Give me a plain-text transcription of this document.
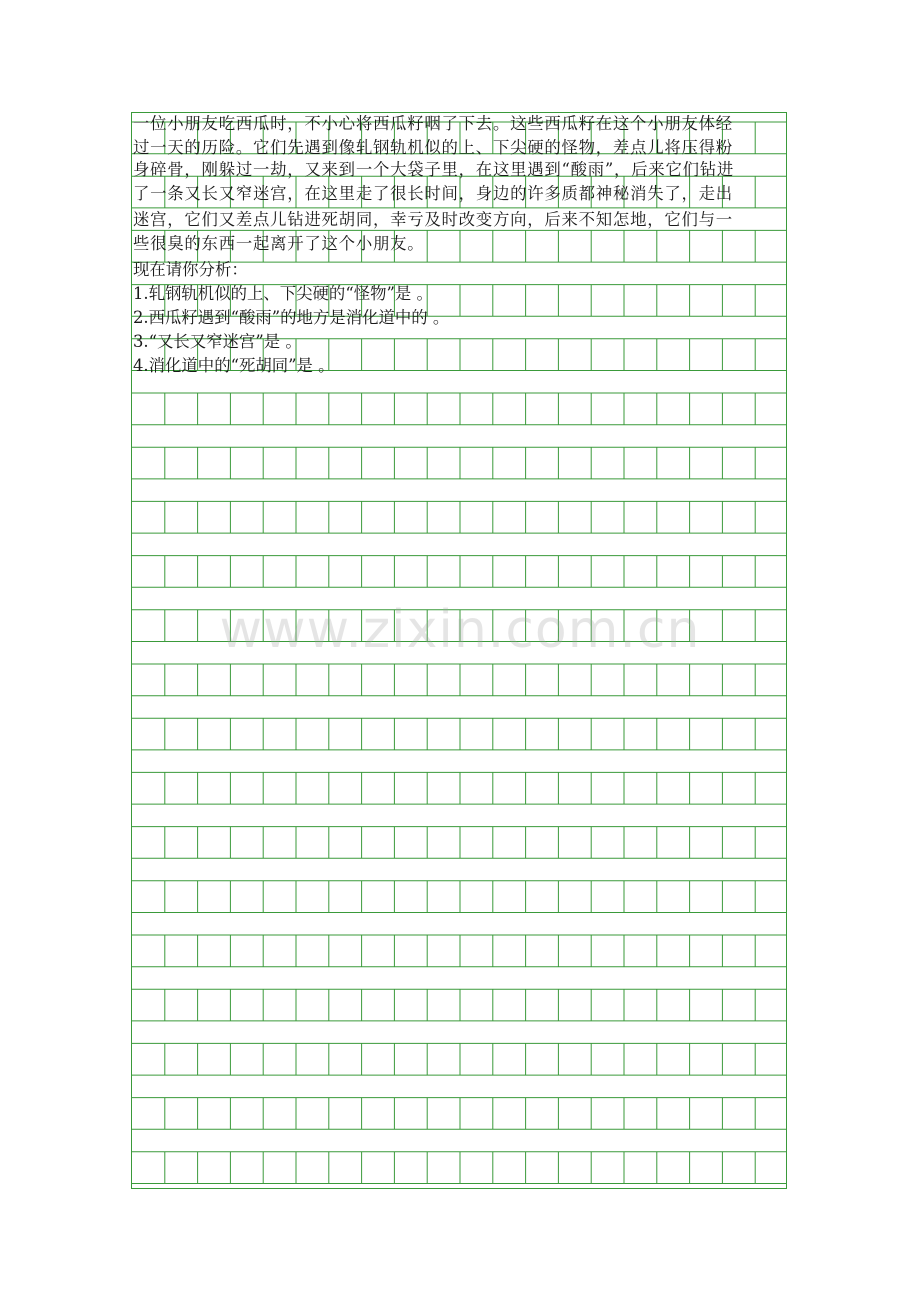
一位小朋友吃西瓜时，不小心将西瓜籽咽了下去。这些西瓜籽在这个小朋友体经
过一天的历险。它们先遇到像轧钢轨机似的上、下尖硬的怪物，差点儿将压得粉
身碎骨，刚躲过一劫，又来到一个大袋子里，在这里遇到“酸雨”，后来它们钻进
了一条又长又窄迷宫，在这里走了很长时间，身边的许多质都神秘消失了，走出
迷宫，它们又差点儿钻进死胡同，幸亏及时改变方向，后来不知怎地，它们与一
些很臭的东西一起离开了这个小朋友。
现在请你分析：
1.轧钢轨机似的上、下尖硬的“怪物”是 。
2.西瓜籽遇到“酸雨”的地方是消化道中的 。
3.“又长又窄迷宫”是 。
4.消化道中的“死胡同”是 。
www.zixin.com.cn
